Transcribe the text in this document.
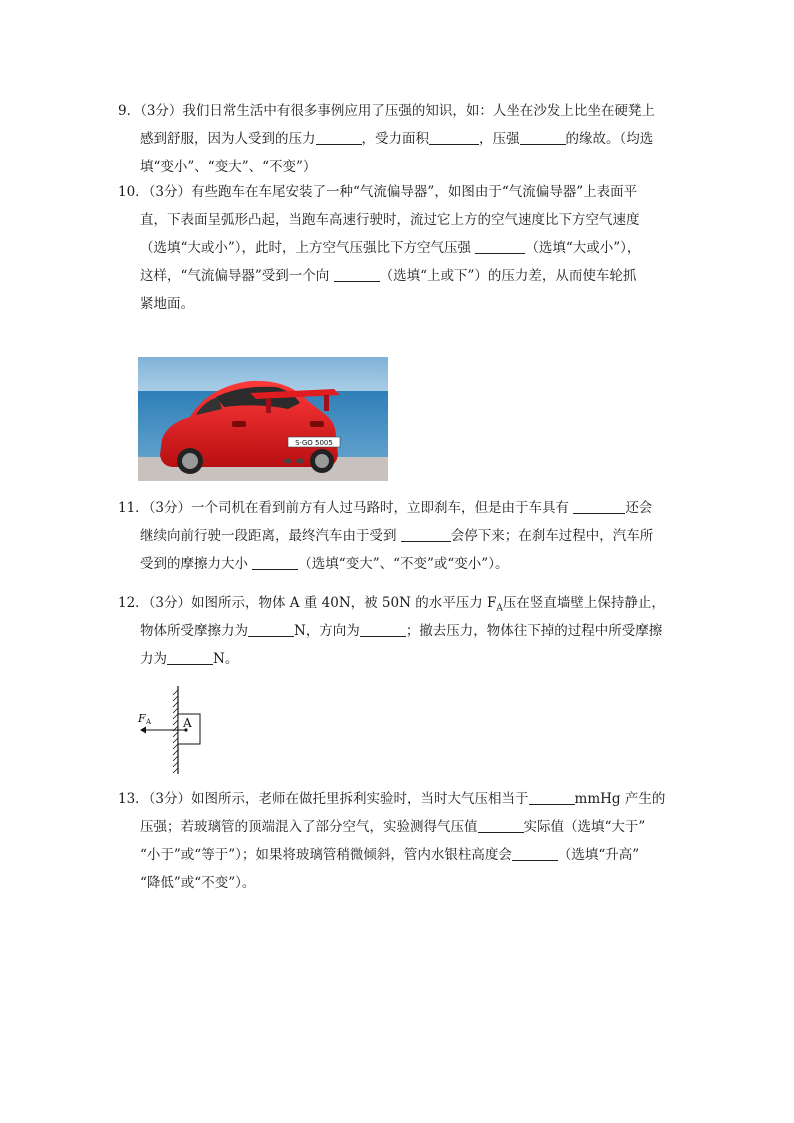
9．（3分）我们日常生活中有很多事例应用了压强的知识，如：人坐在沙发上比坐在硬凳上
感到舒服，因为人受到的压力	，受力面积	，压强	的缘故。（均选
填“变小”、“变大”、“不变”）
10．（3分）有些跑车在车尾安装了一种“气流偏导器”，如图由于“气流偏导器”上表面平
直，下表面呈弧形凸起，当跑车高速行驶时，流过它上方的空气速度比下方空气速度
（选填“大或小”），此时，上方空气压强比下方空气压强	（选填“大或小”），
这样，“气流偏导器”受到一个向	（选填“上或下”）的压力差，从而使车轮抓
紧地面。
S·GO 5005
11．（3分）一个司机在看到前方有人过马路时，立即刹车，但是由于车具有	还会
继续向前行驶一段距离，最终汽车由于受到	会停下来；在刹车过程中，汽车所
受到的摩擦力大小	（选填“变大”、“不变”或“变小”）。
12．（3分）如图所示，物体 A 重 40N，被 50N 的水平压力 $F_A$压在竖直墙壁上保持静止，
物体所受摩擦力为	N，方向为	；撤去压力，物体往下掉的过程中所受摩擦
力为	N。
F A	A
13．（3分）如图所示，老师在做托里拆利实验时，当时大气压相当于	mmHg 产生的
压强；若玻璃管的顶端混入了部分空气，实验测得气压值	实际值（选填“大于”
“小于”或“等于”）；如果将玻璃管稍微倾斜，管内水银柱高度会	（选填“升高”
“降低”或“不变”）。
